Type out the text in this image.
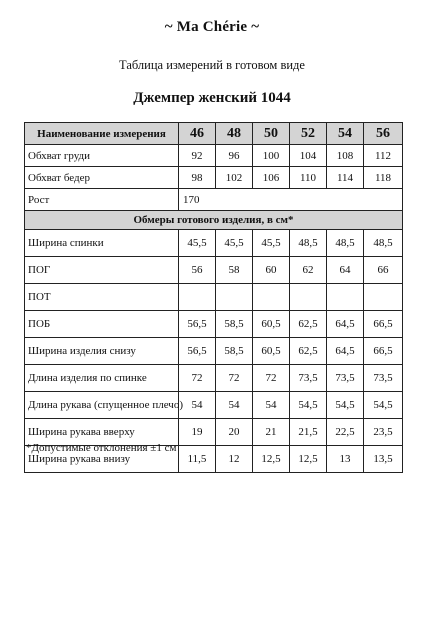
~ Ma Chérie ~
Таблица измерений в готовом виде
Джемпер женский 1044
Наименование измерения	46	48	50	52	54	56
Обхват груди	92	96	100	104	108	112
Обхват бедер	98	102	106	110	114	118
Рост	170					
Обмеры готового изделия, в см*						
Ширина спинки	45,5	45,5	45,5	48,5	48,5	48,5
ПОГ	56	58	60	62	64	66
ПОТ						
ПОБ	56,5	58,5	60,5	62,5	64,5	66,5
Ширина изделия снизу	56,5	58,5	60,5	62,5	64,5	66,5
Длина изделия по спинке	72	72	72	73,5	73,5	73,5
Длина рукава (спущенное плечо)	54	54	54	54,5	54,5	54,5
Ширина рукава вверху	19	20	21	21,5	22,5	23,5
Ширина рукава внизу	11,5	12	12,5	12,5	13	13,5
*Допустимые отклонения ±1 см
